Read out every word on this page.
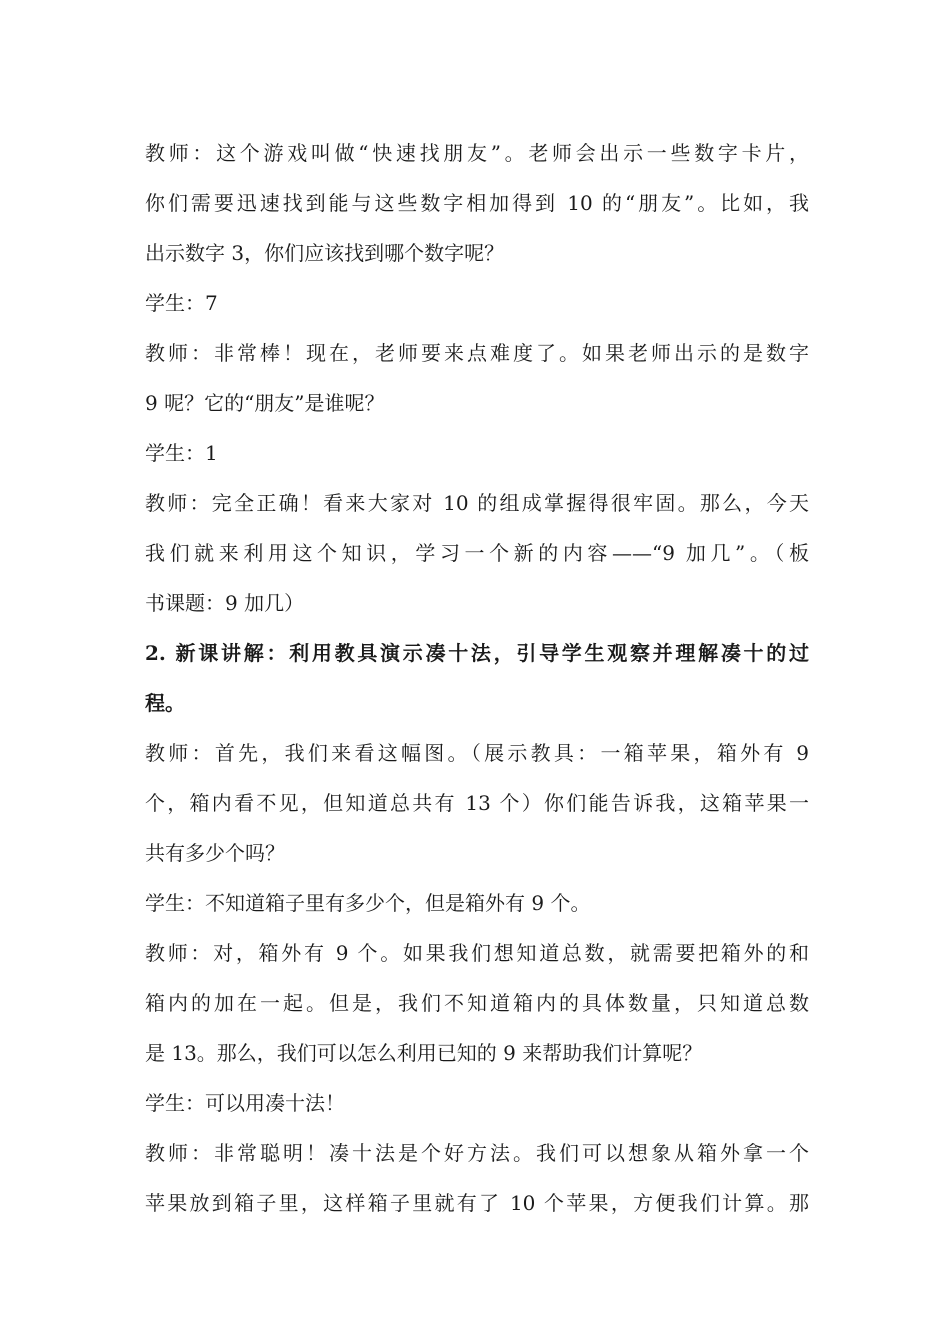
教师：这个游戏叫做“快速找朋友”。老师会出示一些数字卡片，
你们需要迅速找到能与这些数字相加得到 10 的“朋友”。比如，我
出示数字 3，你们应该找到哪个数字呢？
学生：7
教师：非常棒！现在，老师要来点难度了。如果老师出示的是数字
9 呢？它的“朋友”是谁呢？
学生：1
教师：完全正确！看来大家对 10 的组成掌握得很牢固。那么，今天
我们就来利用这个知识，学习一个新的内容——“9 加几”。（板
书课题：9 加几）
2. 新课讲解：利用教具演示凑十法，引导学生观察并理解凑十的过
程。
教师：首先，我们来看这幅图。（展示教具：一箱苹果，箱外有 9
个，箱内看不见，但知道总共有 13 个）你们能告诉我，这箱苹果一
共有多少个吗？
学生：不知道箱子里有多少个，但是箱外有 9 个。
教师：对，箱外有 9 个。如果我们想知道总数，就需要把箱外的和
箱内的加在一起。但是，我们不知道箱内的具体数量，只知道总数
是 13。那么，我们可以怎么利用已知的 9 来帮助我们计算呢？
学生：可以用凑十法！
教师：非常聪明！凑十法是个好方法。我们可以想象从箱外拿一个
苹果放到箱子里，这样箱子里就有了 10 个苹果，方便我们计算。那
